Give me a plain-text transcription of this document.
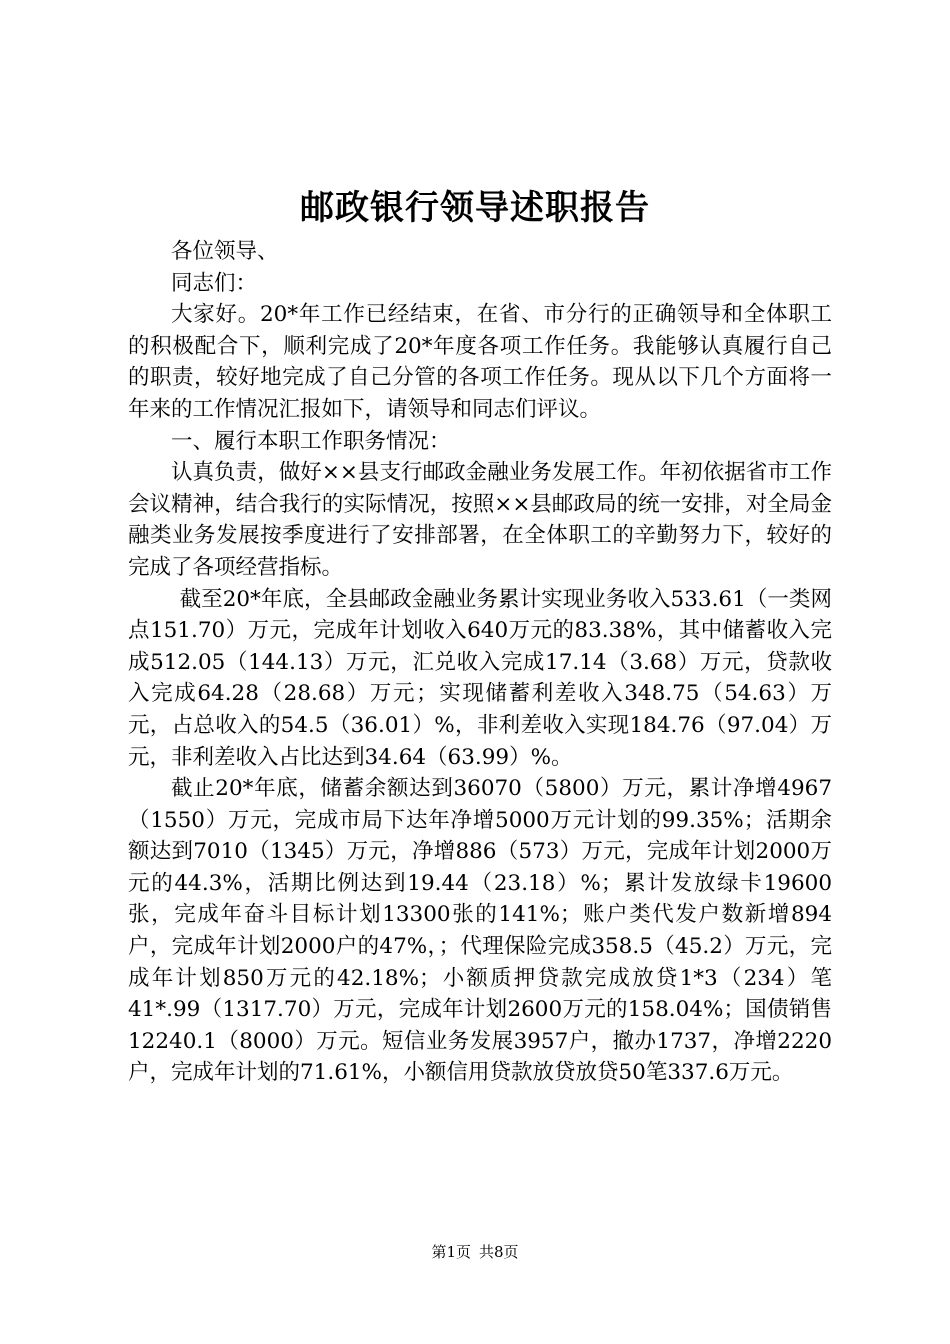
邮政银行领导述职报告

各位领导、

同志们：

大家好。20*年工作已经结束，在省、市分行的正确领导和全体职工的积极配合下，顺利完成了20*年度各项工作任务。我能够认真履行自己的职责，较好地完成了自己分管的各项工作任务。现从以下几个方面将一年来的工作情况汇报如下，请领导和同志们评议。

一、履行本职工作职务情况：

认真负责，做好××县支行邮政金融业务发展工作。年初依据省市工作会议精神，结合我行的实际情况，按照××县邮政局的统一安排，对全局金融类业务发展按季度进行了安排部署，在全体职工的辛勤努力下，较好的完成了各项经营指标。

截至20*年底，全县邮政金融业务累计实现业务收入533.61（一类网点151.70）万元，完成年计划收入640万元的83.38%，其中储蓄收入完成512.05（144.13）万元，汇兑收入完成17.14（3.68）万元，贷款收入完成64.28（28.68）万元；实现储蓄利差收入348.75（54.63）万元，占总收入的54.5（36.01）%，非利差收入实现184.76（97.04）万元，非利差收入占比达到34.64（63.99）%。

截止20*年底，储蓄余额达到36070（5800）万元，累计净增4967（1550）万元，完成市局下达年净增5000万元计划的99.35%；活期余额达到7010（1345）万元，净增886（573）万元，完成年计划2000万元的44.3%，活期比例达到19.44（23.18）%；累计发放绿卡19600张，完成年奋斗目标计划13300张的141%；账户类代发户数新增894户，完成年计划2000户的47%，；代理保险完成358.5（45.2）万元，完成年计划850万元的42.18%；小额质押贷款完成放贷1*3（234）笔41*.99（1317.70）万元，完成年计划2600万元的158.04%；国债销售12240.1（8000）万元。短信业务发展3957户，撤办1737，净增2220户，完成年计划的71.61%，小额信用贷款放贷放贷50笔337.6万元。

第1页 共8页
